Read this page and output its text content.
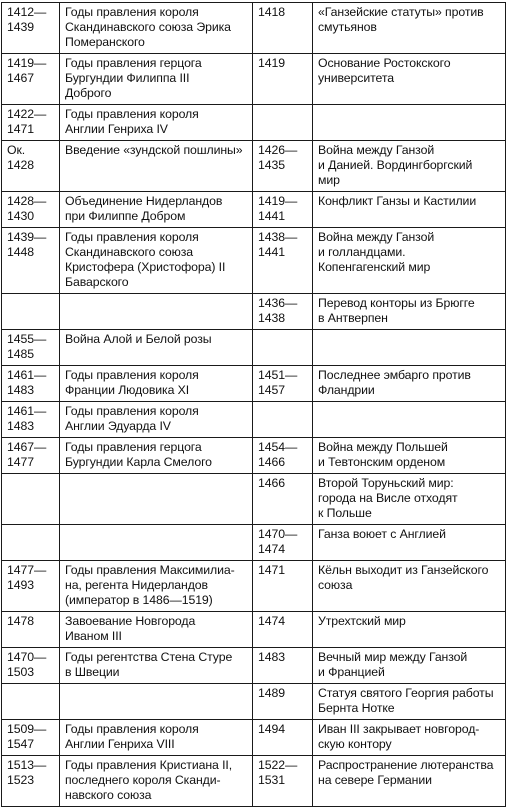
1412—
1439	Годы правления короля
Скандинавского союза Эрика
Померанского	1418	«Ганзейские статуты» против
смутьянов
1419—
1467	Годы правления герцога
Бургундии Филиппа III
Доброго	1419	Основание Ростокского
университета
1422—
1471	Годы правления короля
Англии Генриха IV		
Ок.
1428	Введение «зундской пошлины»	1426—
1435	Война между Ганзой
и Данией. Вордингборгский
мир
1428—
1430	Объединение Нидерландов
при Филиппе Добром	1419—
1441	Конфликт Ганзы и Кастилии
1439—
1448	Годы правления короля
Скандинавского союза
Кристофера (Христофора) II
Баварского	1438—
1441	Война между Ганзой
и голландцами.
Копенгагенский мир
		1436—
1438	Перевод конторы из Брюгге
в Антверпен
1455—
1485	Война Алой и Белой розы		
1461—
1483	Годы правления короля
Франции Людовика XI	1451—
1457	Последнее эмбарго против
Фландрии
1461—
1483	Годы правления короля
Англии Эдуарда IV		
1467—
1477	Годы правления герцога
Бургундии Карла Смелого	1454—
1466	Война между Польшей
и Тевтонским орденом
		1466	Второй Торуньский мир:
города на Висле отходят
к Польше
		1470—
1474	Ганза воюет с Англией
1477—
1493	Годы правления Максимилиа-
на, регента Нидерландов
(император в 1486—1519)	1471	Кёльн выходит из Ганзейского
союза
1478	Завоевание Новгорода
Иваном III	1474	Утрехтский мир
1470—
1503	Годы регентства Стена Стуре
в Швеции	1483	Вечный мир между Ганзой
и Францией
		1489	Статуя святого Георгия работы
Бернта Нотке
1509—
1547	Годы правления короля
Англии Генриха VIII	1494	Иван III закрывает новгород-
скую контору
1513—
1523	Годы правления Кристиана II,
последнего короля Сканди-
навского союза	1522—
1531	Распространение лютеранства
на севере Германии
